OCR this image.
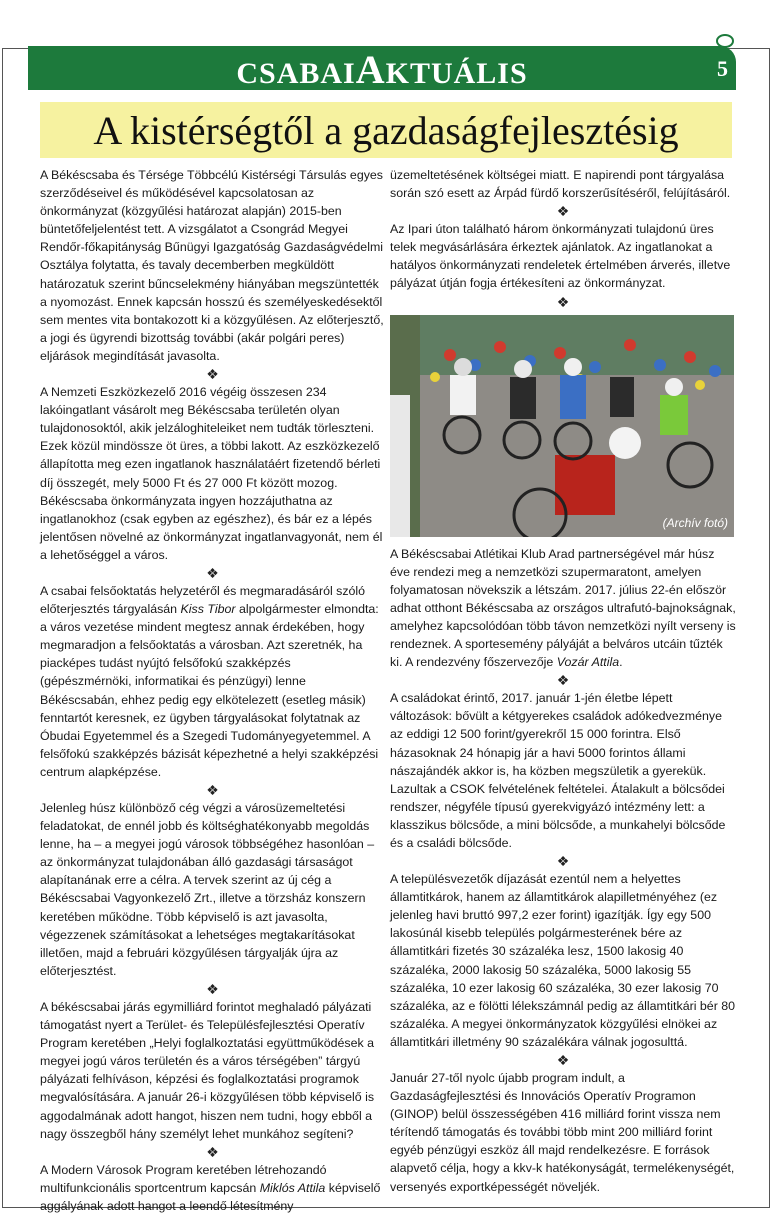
CSABAIAKTUÁLIS	5
A kistérségtől a gazdaságfejlesztésig

A Békéscsaba és Térsége Többcélú Kistérségi Társulás egyes szerződéseivel és működésével kapcsolatosan az önkormányzat (közgyűlési határozat alapján) 2015-ben büntetőfeljelentést tett. A vizsgálatot a Csongrád Megyei Rendőr-főkapitányság Bűnügyi Igazgatóság Gazdaságvédelmi Osztálya folytatta, és tavaly decemberben megküldött határozatuk szerint bűncselekmény hiányában megszüntették a nyomozást. Ennek kapcsán hosszú és személyeskedésektől sem mentes vita bontakozott ki a közgyűlésen. Az előterjesztő, a jogi és ügyrendi bizottság további (akár polgári peres) eljárások megindítását javasolta.

❖

A Nemzeti Eszközkezelő 2016 végéig összesen 234 lakóingatlant vásárolt meg Békéscsaba területén olyan tulajdonosoktól, akik jelzáloghiteleiket nem tudták törleszteni. Ezek közül mindössze öt üres, a többi lakott. Az eszközkezelő állapította meg ezen ingatlanok használatáért fizetendő bérleti díj összegét, mely 5000 Ft és 27 000 Ft között mozog. Békéscsaba önkormányzata ingyen hozzájuthatna az ingatlanokhoz (csak egyben az egészhez), és bár ez a lépés jelentősen növelné az önkormányzat ingatlanvagyonát, nem él a lehetőséggel a város.

❖

A csabai felsőoktatás helyzetéről és megmaradásáról szóló előterjesztés tárgyalásán Kiss Tibor alpolgármester elmondta: a város vezetése mindent megtesz annak érdekében, hogy megmaradjon a felsőoktatás a városban. Azt szeretnék, ha piacképes tudást nyújtó felsőfokú szakképzés (gépészmérnöki, informatikai és pénzügyi) lenne Békéscsabán, ehhez pedig egy elkötelezett (esetleg másik) fenntartót keresnek, ez ügyben tárgyalásokat folytatnak az Óbudai Egyetemmel és a Szegedi Tudományegyetemmel. A felsőfokú szakképzés bázisát képezhetné a helyi szakképzési centrum alapképzése.

❖

Jelenleg húsz különböző cég végzi a városüzemeltetési feladatokat, de ennél jobb és költséghatékonyabb megoldás lenne, ha – a megyei jogú városok többségéhez hasonlóan – az önkormányzat tulajdonában álló gazdasági társaságot alapítanának erre a célra. A tervek szerint az új cég a Békéscsabai Vagyonkezelő Zrt., illetve a törzsház konszern keretében működne. Több képviselő is azt javasolta, végezzenek számításokat a lehetséges megtakarításokat illetően, majd a februári közgyűlésen tárgyalják újra az előterjesztést.

❖

A békéscsabai járás egymilliárd forintot meghaladó pályázati támogatást nyert a Terület- és Településfejlesztési Operatív Program keretében „Helyi foglalkoztatási együttműködések a megyei jogú város területén és a város térségében” tárgyú pályázati felhíváson, képzési és foglalkoztatási programok megvalósítására. A január 26-i közgyűlésen több képviselő is aggodalmának adott hangot, hiszen nem tudni, hogy ebből a nagy összegből hány személyt lehet munkához segíteni?

❖

A Modern Városok Program keretében létrehozandó multifunkcionális sportcentrum kapcsán Miklós Attila képviselő aggályának adott hangot a leendő létesítmény

üzemeltetésének költségei miatt. E napirendi pont tárgyalása során szó esett az Árpád fürdő korszerűsítéséről, felújításáról.

❖

Az Ipari úton található három önkormányzati tulajdonú üres telek megvásárlására érkeztek ajánlatok. Az ingatlanokat a hatályos önkormányzati rendeletek értelmében árverés, illetve pályázat útján fogja értékesíteni az önkormányzat.

❖
(Archív fotó)

A Békéscsabai Atlétikai Klub Arad partnerségével már húsz éve rendezi meg a nemzetközi szupermaratont, amelyen folyamatosan növekszik a létszám. 2017. július 22-én először adhat otthont Békéscsaba az országos ultrafutó-bajnokságnak, amelyhez kapcsolódóan több távon nemzetközi nyílt verseny is rendeznek. A sportesemény pályáját a belváros utcáin tűzték ki. A rendezvény főszervezője Vozár Attila.

❖

A családokat érintő, 2017. január 1-jén életbe lépett változások: bővült a kétgyerekes családok adókedvezménye az eddigi 12 500 forint/gyerekről 15 000 forintra. Első házasoknak 24 hónapig jár a havi 5000 forintos állami nászajándék akkor is, ha közben megszületik a gyerekük. Lazultak a CSOK felvételének feltételei. Átalakult a bölcsődei rendszer, négyféle típusú gyerekvigyázó intézmény lett: a klasszikus bölcsőde, a mini bölcsőde, a munkahelyi bölcsőde és a családi bölcsőde.

❖

A településvezetők díjazását ezentúl nem a helyettes államtitkárok, hanem az államtitkárok alapilletményéhez (ez jelenleg havi bruttó 997,2 ezer forint) igazítják. Így egy 500 lakosúnál kisebb település polgármesterének bére az államtitkári fizetés 30 százaléka lesz, 1500 lakosig 40 százaléka, 2000 lakosig 50 százaléka, 5000 lakosig 55 százaléka, 10 ezer lakosig 60 százaléka, 30 ezer lakosig 70 százaléka, az e fölötti lélekszámnál pedig az államtitkári bér 80 százaléka. A megyei önkormányzatok közgyűlési elnökei az államtitkári illetmény 90 százalékára válnak jogosulttá.

❖

Január 27-től nyolc újabb program indult, a Gazdaságfejlesztési és Innovációs Operatív Programon (GINOP) belül összességében 416 milliárd forint vissza nem térítendő támogatás és további több mint 200 milliárd forint egyéb pénzügyi eszköz áll majd rendelkezésre. E források alapvető célja, hogy a kkv-k hatékonyságát, termelékenységét, versenyés exportképességét növeljék.
